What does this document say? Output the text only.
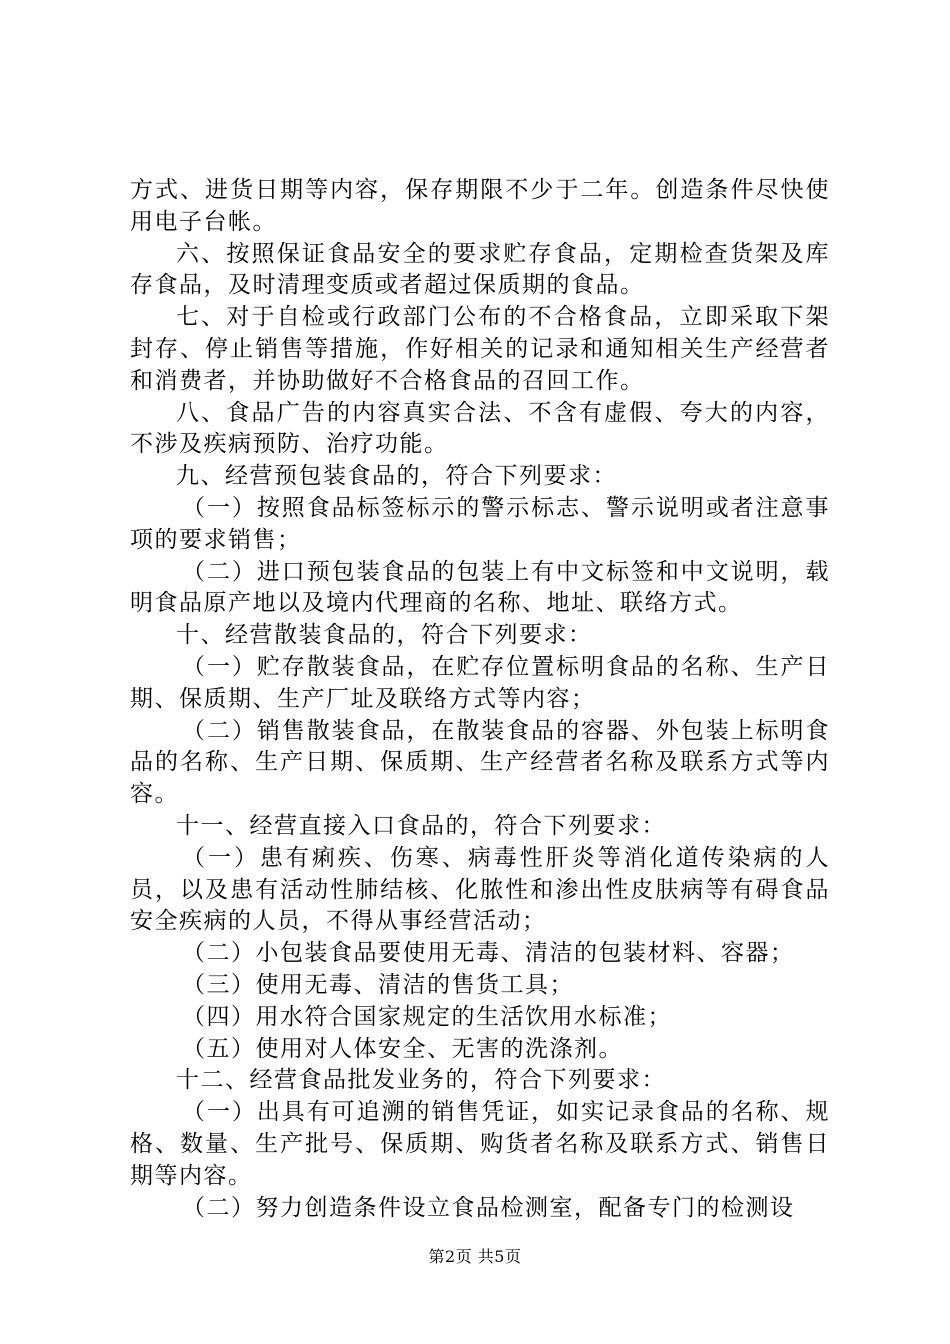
方式、进货日期等内容，保存期限不少于二年。创造条件尽快使用电子台帐。

六、按照保证食品安全的要求贮存食品，定期检查货架及库存食品，及时清理变质或者超过保质期的食品。

七、对于自检或行政部门公布的不合格食品，立即采取下架封存、停止销售等措施，作好相关的记录和通知相关生产经营者和消费者，并协助做好不合格食品的召回工作。

八、食品广告的内容真实合法、不含有虚假、夸大的内容，不涉及疾病预防、治疗功能。

九、经营预包装食品的，符合下列要求：

（一）按照食品标签标示的警示标志、警示说明或者注意事项的要求销售；

（二）进口预包装食品的包装上有中文标签和中文说明，载明食品原产地以及境内代理商的名称、地址、联络方式。

十、经营散装食品的，符合下列要求：

（一）贮存散装食品，在贮存位置标明食品的名称、生产日期、保质期、生产厂址及联络方式等内容；

（二）销售散装食品，在散装食品的容器、外包装上标明食品的名称、生产日期、保质期、生产经营者名称及联系方式等内容。

十一、经营直接入口食品的，符合下列要求：

（一）患有痢疾、伤寒、病毒性肝炎等消化道传染病的人员，以及患有活动性肺结核、化脓性和渗出性皮肤病等有碍食品安全疾病的人员，不得从事经营活动；

（二）小包装食品要使用无毒、清洁的包装材料、容器；

（三）使用无毒、清洁的售货工具；

（四）用水符合国家规定的生活饮用水标准；

（五）使用对人体安全、无害的洗涤剂。

十二、经营食品批发业务的，符合下列要求：

（一）出具有可追溯的销售凭证，如实记录食品的名称、规格、数量、生产批号、保质期、购货者名称及联系方式、销售日期等内容。

（二）努力创造条件设立食品检测室，配备专门的检测设

第2页 共5页
